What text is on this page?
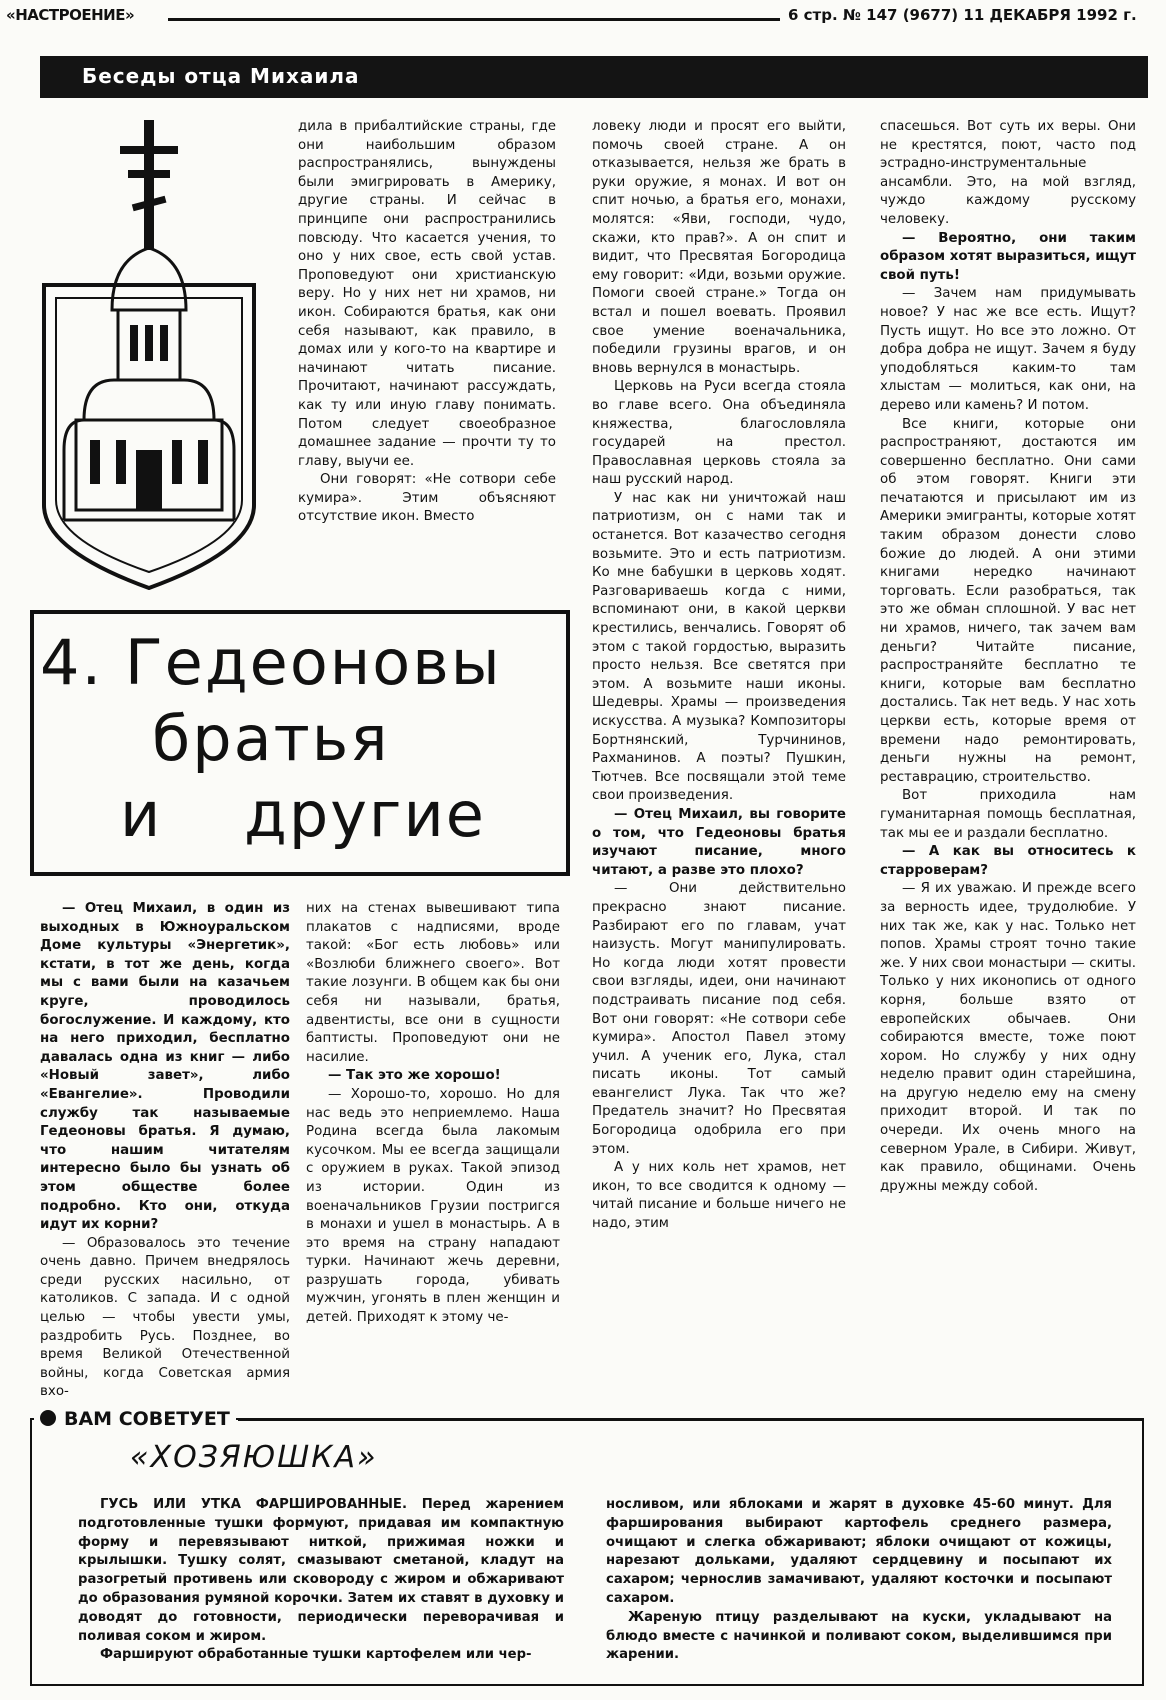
«НАСТРОЕНИЕ»	6 стр. № 147 (9677) 11 ДЕКАБРЯ 1992 г.
Беседы отца Михаила

дила в прибалтийские страны, где они наибольшим образом распространялись, вынуждены были эмигрировать в Америку, другие страны. И сейчас в принципе они распространились повсюду. Что касается учения, то оно у них свое, есть свой устав. Проповедуют они христианскую веру. Но у них нет ни храмов, ни икон. Собираются братья, как они себя называют, как правило, в домах или у кого-то на квартире и начинают читать писание. Прочитают, начинают рассуждать, как ту или иную главу понимать. Потом следует своеобразное домашнее задание — прочти ту то главу, выучи ее.

Они говорят: «Не сотвори себе кумира». Этим объясняют отсутствие икон. Вместо

4. Гедеоновы
братья
и другие

— Отец Михаил, в один из выходных в Южноуральском Доме культуры «Энергетик», кстати, в тот же день, когда мы с вами были на казачьем круге, проводилось богослужение. И каждому, кто на него приходил, бесплатно давалась одна из книг — либо «Новый завет», либо «Евангелие». Проводили службу так называемые Гедеоновы братья. Я думаю, что нашим читателям интересно было бы узнать об этом обществе более подробно. Кто они, откуда идут их корни?

— Образовалось это течение очень давно. Причем внедрялось среди русских насильно, от католиков. С запада. И с одной целью — чтобы увести умы, раздробить Русь. Позднее, во время Великой Отечественной войны, когда Советская армия вхо-

них на стенах вывешивают типа плакатов с надписями, вроде такой: «Бог есть любовь» или «Возлюби ближнего своего». Вот такие лозунги. В общем как бы они себя ни называли, братья, адвентисты, все они в сущности баптисты. Проповедуют они не насилие.

— Так это же хорошо!

— Хорошо-то, хорошо. Но для нас ведь это неприемлемо. Наша Родина всегда была лакомым кусочком. Мы ее всегда защищали с оружием в руках. Такой эпизод из истории. Один из военачальников Грузии постригся в монахи и ушел в монастырь. А в это время на страну нападают турки. Начинают жечь деревни, разрушать города, убивать мужчин, угонять в плен женщин и детей. Приходят к этому че-

ловеку люди и просят его выйти, помочь своей стране. А он отказывается, нельзя же брать в руки оружие, я монах. И вот он спит ночью, а братья его, монахи, молятся: «Яви, господи, чудо, скажи, кто прав?». А он спит и видит, что Пресвятая Богородица ему говорит: «Иди, возьми оружие. Помоги своей стране.» Тогда он встал и пошел воевать. Проявил свое умение военачальника, победили грузины врагов, и он вновь вернулся в монастырь.

Церковь на Руси всегда стояла во главе всего. Она объединяла княжества, благословляла государей на престол. Православная церковь стояла за наш русский народ.

У нас как ни уничтожай наш патриотизм, он с нами так и останется. Вот казачество сегодня возьмите. Это и есть патриотизм. Ко мне бабушки в церковь ходят. Разговариваешь когда с ними, вспоминают они, в какой церкви крестились, венчались. Говорят об этом с такой гордостью, выразить просто нельзя. Все светятся при этом. А возьмите наши иконы. Шедевры. Храмы — произведения искусства. А музыка? Композиторы Бортнянский, Турчининов, Рахманинов. А поэты? Пушкин, Тютчев. Все посвящали этой теме свои произведения.

— Отец Михаил, вы говорите о том, что Гедеоновы братья изучают писание, много читают, а разве это плохо?

— Они действительно прекрасно знают писание. Разбирают его по главам, учат наизусть. Могут манипулировать. Но когда люди хотят провести свои взгляды, идеи, они начинают подстраивать писание под себя. Вот они говорят: «Не сотвори себе кумира». Апостол Павел этому учил. А ученик его, Лука, стал писать иконы. Тот самый евангелист Лука. Так что же? Предатель значит? Но Пресвятая Богородица одобрила его при этом.

А у них коль нет храмов, нет икон, то все сводится к одному — читай писание и больше ничего не надо, этим

спасешься. Вот суть их веры. Они не крестятся, поют, часто под эстрадно-инструментальные ансамбли. Это, на мой взгляд, чуждо каждому русскому человеку.

— Вероятно, они таким образом хотят выразиться, ищут свой путь!

— Зачем нам придумывать новое? У нас же все есть. Ищут? Пусть ищут. Но все это ложно. От добра добра не ищут. Зачем я буду уподобляться каким-то там хлыстам — молиться, как они, на дерево или камень? И потом.

Все книги, которые они распространяют, достаются им совершенно бесплатно. Они сами об этом говорят. Книги эти печатаются и присылают им из Америки эмигранты, которые хотят таким образом донести слово божие до людей. А они этими книгами нередко начинают торговать. Если разобраться, так это же обман сплошной. У вас нет ни храмов, ничего, так зачем вам деньги? Читайте писание, распространяйте бесплатно те книги, которые вам бесплатно достались. Так нет ведь. У нас хоть церкви есть, которые время от времени надо ремонтировать, деньги нужны на ремонт, реставрацию, строительство.

Вот приходила нам гуманитарная помощь бесплатная, так мы ее и раздали бесплатно.

— А как вы относитесь к старроверам?

— Я их уважаю. И прежде всего за верность идее, трудолюбие. У них так же, как у нас. Только нет попов. Храмы строят точно такие же. У них свои монастыри — скиты. Только у них иконопись от одного корня, больше взято от европейских обычаев. Они собираются вместе, тоже поют хором. Но службу у них одну неделю правит один старейшина, на другую неделю ему на смену приходит второй. И так по очереди. Их очень много на северном Урале, в Сибири. Живут, как правило, общинами. Очень дружны между собой.

ВАМ СОВЕТУЕТ
«ХОЗЯЮШКА»

ГУСЬ ИЛИ УТКА ФАРШИРОВАННЫЕ. Перед жарением подготовленные тушки формуют, придавая им компактную форму и перевязывают ниткой, прижимая ножки и крылышки. Тушку солят, смазывают сметаной, кладут на разогретый противень или сковороду с жиром и обжаривают до образования румяной корочки. Затем их ставят в духовку и доводят до готовности, периодически переворачивая и поливая соком и жиром.

Фаршируют обработанные тушки картофелем или чер-

носливом, или яблоками и жарят в духовке 45-60 минут. Для фарширования выбирают картофель среднего размера, очищают и слегка обжаривают; яблоки очищают от кожицы, нарезают дольками, удаляют сердцевину и посыпают их сахаром; чернослив замачивают, удаляют косточки и посыпают сахаром.

Жареную птицу разделывают на куски, укладывают на блюдо вместе с начинкой и поливают соком, выделившимся при жарении.
